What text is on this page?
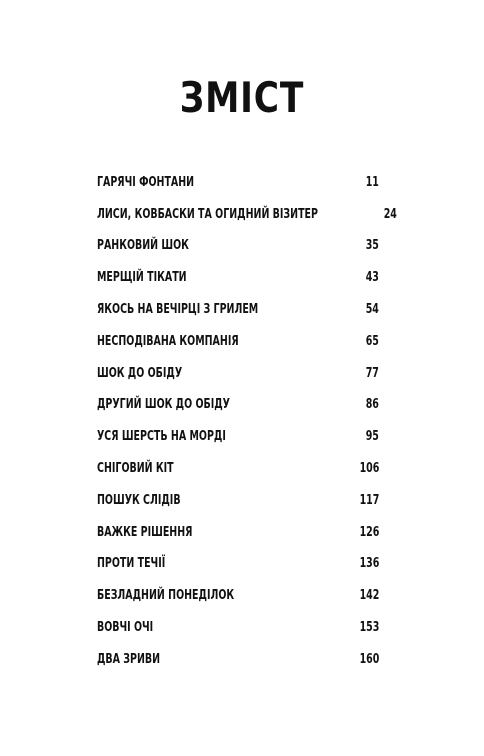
ЗМІСТ
ГАРЯЧІ ФОНТАНИ	11
ЛИСИ, КОВБАСКИ ТА ОГИДНИЙ ВІЗИТЕР	24
РАНКОВИЙ ШОК	35
МЕРЩІЙ ТІКАТИ	43
ЯКОСЬ НА ВЕЧІРЦІ З ГРИЛЕМ	54
НЕСПОДІВАНА КОМПАНІЯ	65
ШОК ДО ОБІДУ	77
ДРУГИЙ ШОК ДО ОБІДУ	86
УСЯ ШЕРСТЬ НА МОРДІ	95
СНІГОВИЙ КІТ	106
ПОШУК СЛІДІВ	117
ВАЖКЕ РІШЕННЯ	126
ПРОТИ ТЕЧІЇ	136
БЕЗЛАДНИЙ ПОНЕДІЛОК	142
ВОВЧІ ОЧІ	153
ДВА ЗРИВИ	160
